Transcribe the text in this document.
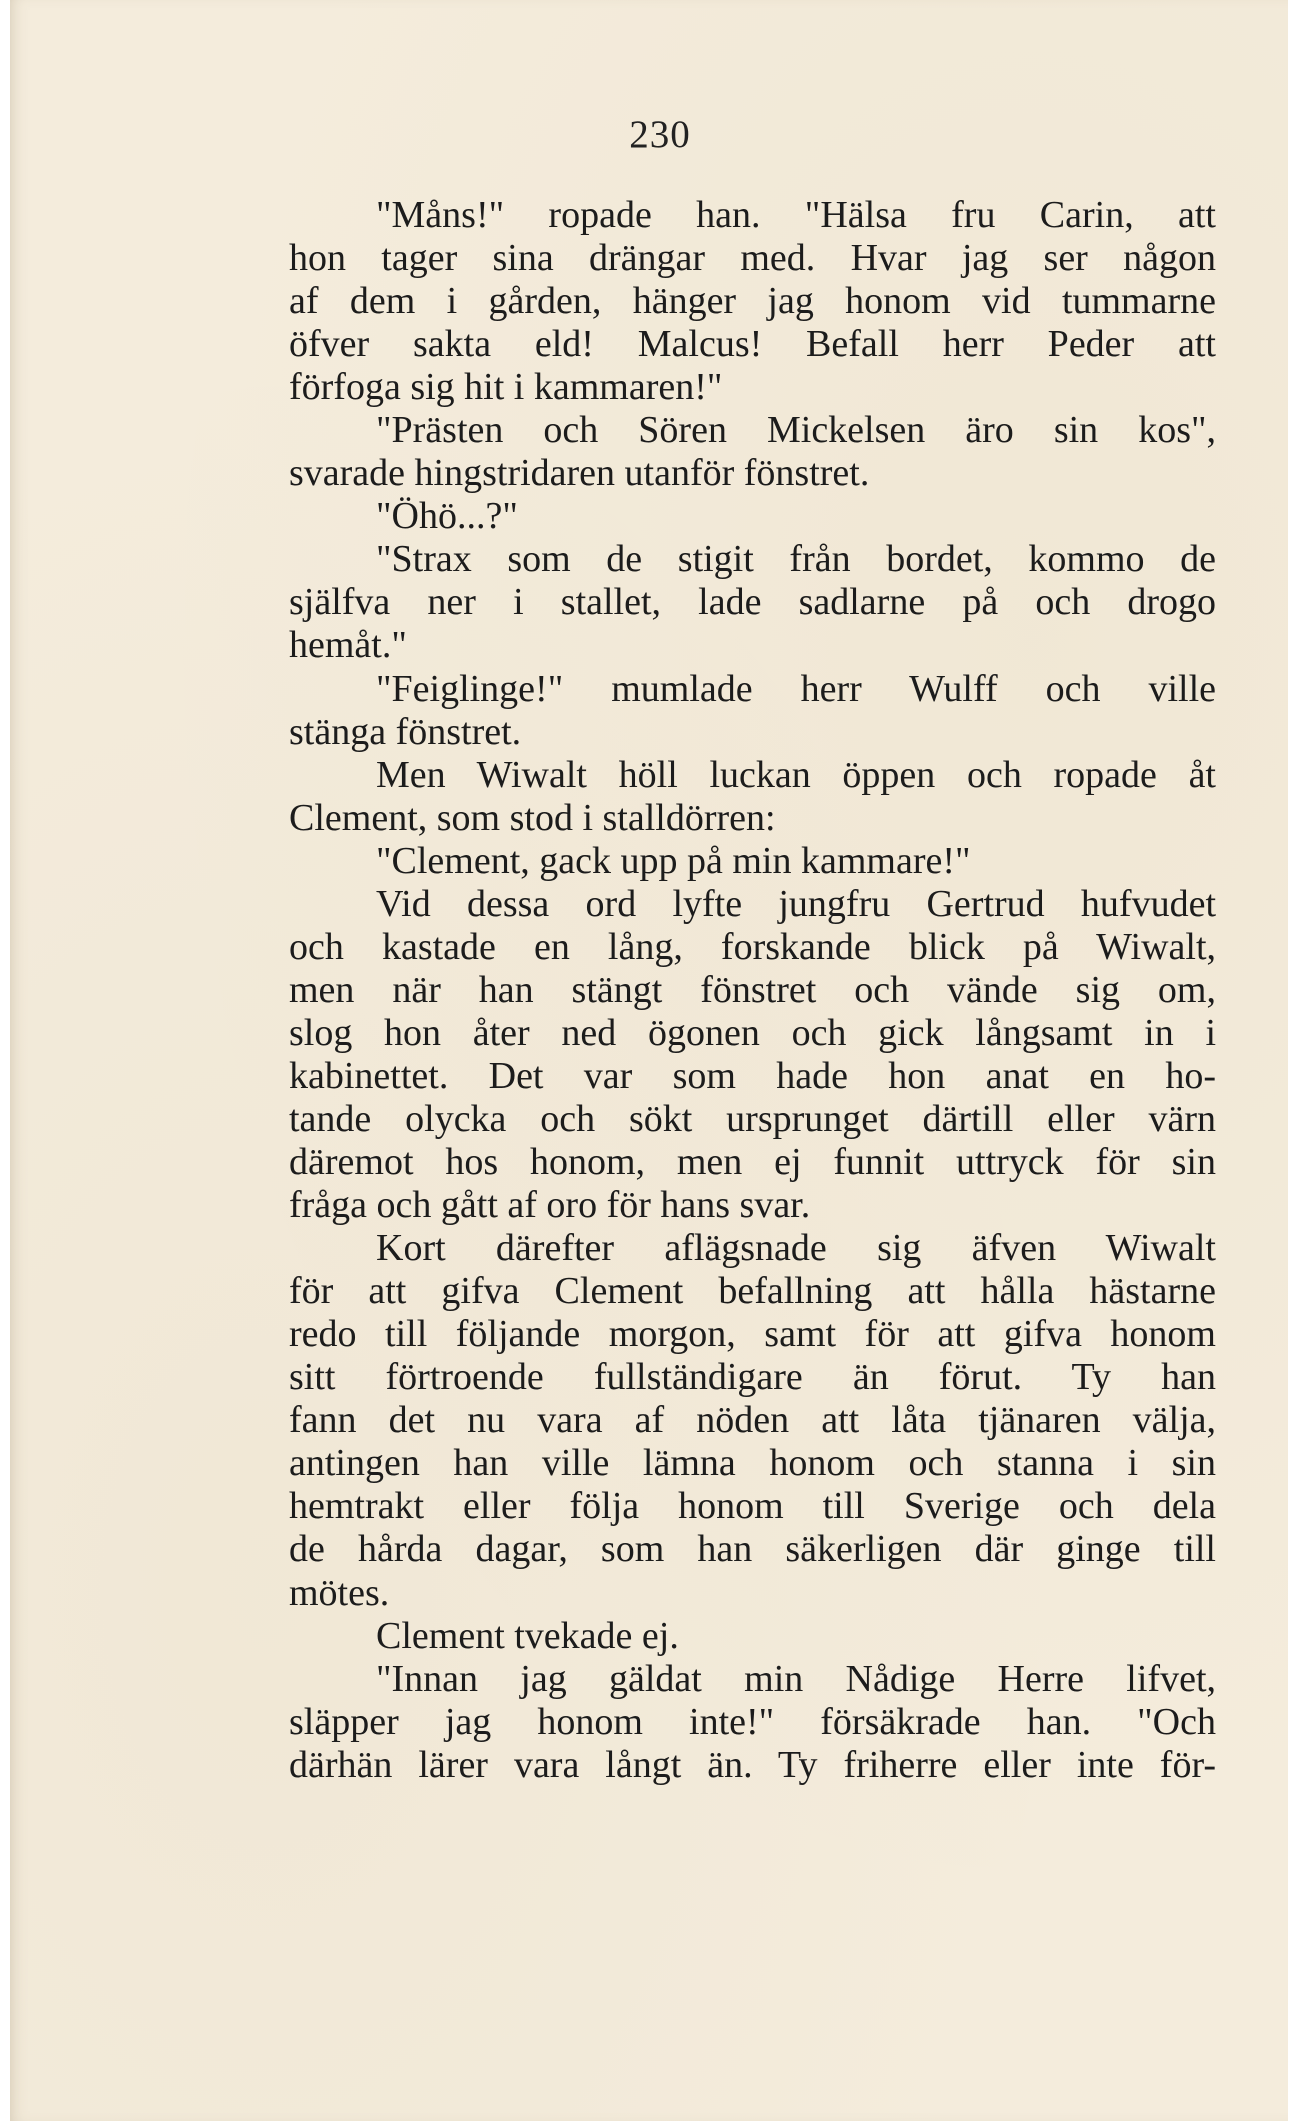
230
"Måns!" ropade han. "Hälsa fru Carin, att
hon tager sina drängar med. Hvar jag ser någon
af dem i gården, hänger jag honom vid tummarne
öfver sakta eld! Malcus! Befall herr Peder att
förfoga sig hit i kammaren!"
"Prästen och Sören Mickelsen äro sin kos",
svarade hingstridaren utanför fönstret.
"Öhö...?"
"Strax som de stigit från bordet, kommo de
själfva ner i stallet, lade sadlarne på och drogo
hemåt."
"Feiglinge!" mumlade herr Wulff och ville
stänga fönstret.
Men Wiwalt höll luckan öppen och ropade åt
Clement, som stod i stalldörren:
"Clement, gack upp på min kammare!"
Vid dessa ord lyfte jungfru Gertrud hufvudet
och kastade en lång, forskande blick på Wiwalt,
men när han stängt fönstret och vände sig om,
slog hon åter ned ögonen och gick långsamt in i
kabinettet. Det var som hade hon anat en ho-
tande olycka och sökt ursprunget därtill eller värn
däremot hos honom, men ej funnit uttryck för sin
fråga och gått af oro för hans svar.
Kort därefter aflägsnade sig äfven Wiwalt
för att gifva Clement befallning att hålla hästarne
redo till följande morgon, samt för att gifva honom
sitt förtroende fullständigare än förut. Ty han
fann det nu vara af nöden att låta tjänaren välja,
antingen han ville lämna honom och stanna i sin
hemtrakt eller följa honom till Sverige och dela
de hårda dagar, som han säkerligen där ginge till
mötes.
Clement tvekade ej.
"Innan jag gäldat min Nådige Herre lifvet,
släpper jag honom inte!" försäkrade han. "Och
därhän lärer vara långt än. Ty friherre eller inte för-
